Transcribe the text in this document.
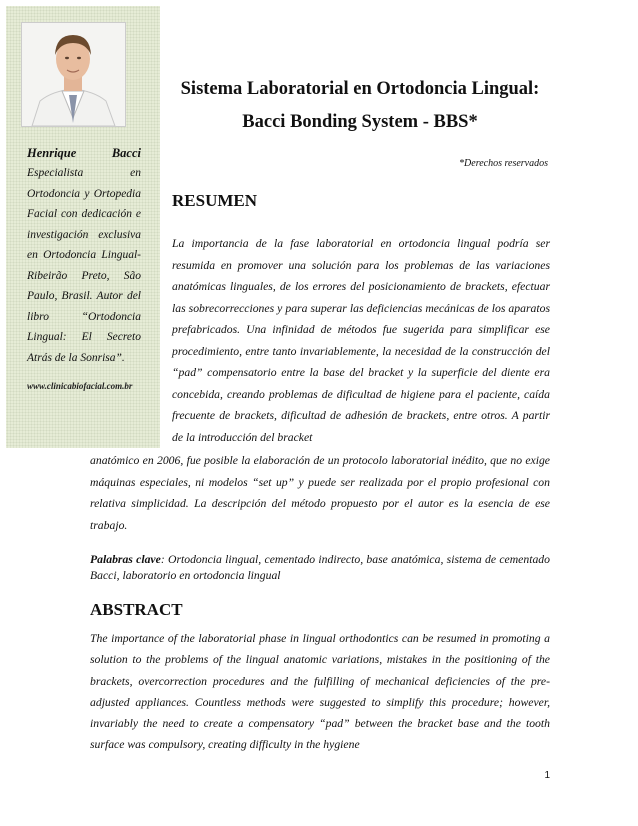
Henrique Bacci
Especialista en Ortodoncia y Ortopedia Facial con dedicación e investigación exclusiva en Ortodoncia Lingual-Ribeirão Preto, São Paulo, Brasil. Autor del libro “Ortodoncia Lingual: El Secreto Atrás de la Sonrisa”.
www.clinicabiofacial.com.br
Sistema Laboratorial en Ortodoncia Lingual: Bacci Bonding System - BBS*
*Derechos reservados
RESUMEN
La importancia de la fase laboratorial en ortodoncia lingual podría ser resumida en promover una solución para los problemas de las variaciones anatómicas linguales, de los errores del posicionamiento de brackets, efectuar las sobrecorrecciones y para superar las deficiencias mecánicas de los aparatos prefabricados. Una infinidad de métodos fue sugerida para simplificar ese procedimiento, entre tanto invariablemente, la necesidad de la construcción del “pad” compensatorio entre la base del bracket y la superficie del diente era concebida, creando problemas de dificultad de higiene para el paciente, caída frecuente de brackets, dificultad de adhesión de brackets, entre otros. A partir de la introducción del bracket
anatómico en 2006, fue posible la elaboración de un protocolo laboratorial inédito, que no exige máquinas especiales, ni modelos “set up” y puede ser realizada por el propio profesional con relativa simplicidad. La descripción del método propuesto por el autor es la esencia de ese trabajo.
Palabras clave: Ortodoncia lingual, cementado indirecto, base anatómica, sistema de cementado Bacci, laboratorio en ortodoncia lingual
ABSTRACT
The importance of the laboratorial phase in lingual orthodontics can be resumed in promoting a solution to the problems of the lingual anatomic variations, mistakes in the positioning of the brackets, overcorrection procedures and the fulfilling of mechanical deficiencies of the pre-adjusted appliances. Countless methods were suggested to simplify this procedure; however, invariably the need to create a compensatory “pad” between the bracket base and the tooth surface was compulsory, creating difficulty in the hygiene
1
